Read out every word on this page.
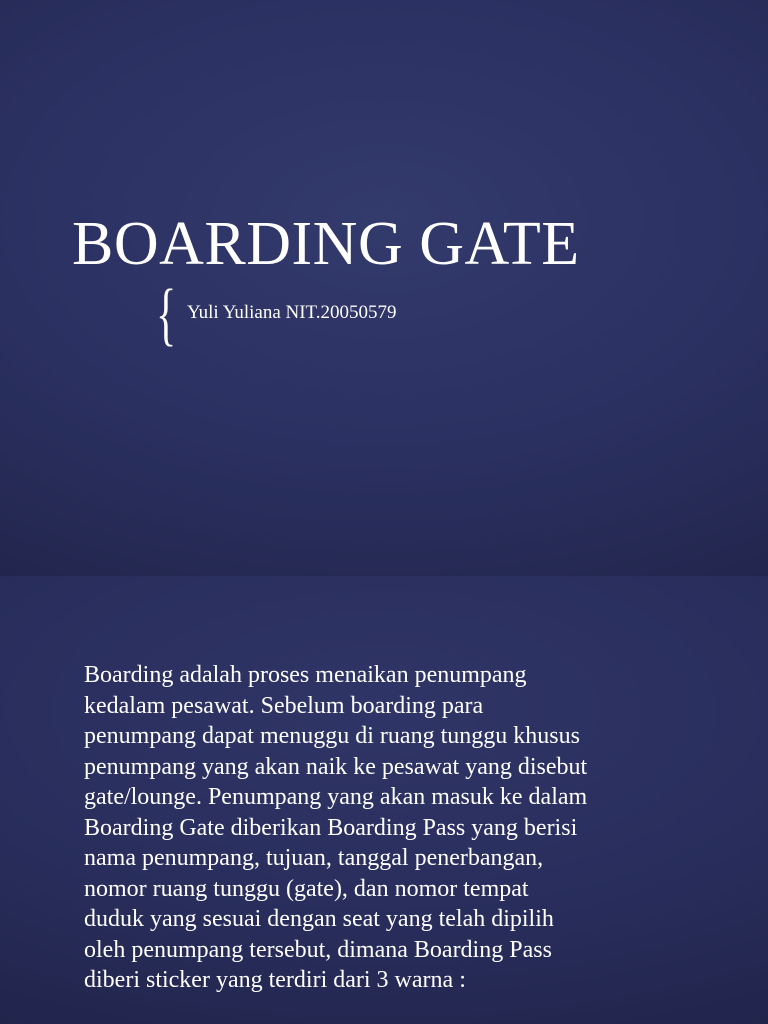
BOARDING GATE
{ Yuli Yuliana NIT.20050579

Boarding adalah proses menaikan penumpang
kedalam pesawat. Sebelum boarding para
penumpang dapat menuggu di ruang tunggu khusus
penumpang yang akan naik ke pesawat yang disebut
gate/lounge. Penumpang yang akan masuk ke dalam
Boarding Gate diberikan Boarding Pass yang berisi
nama penumpang, tujuan, tanggal penerbangan,
nomor ruang tunggu (gate), dan nomor tempat
duduk yang sesuai dengan seat yang telah dipilih
oleh penumpang tersebut, dimana Boarding Pass
diberi sticker yang terdiri dari 3 warna :
